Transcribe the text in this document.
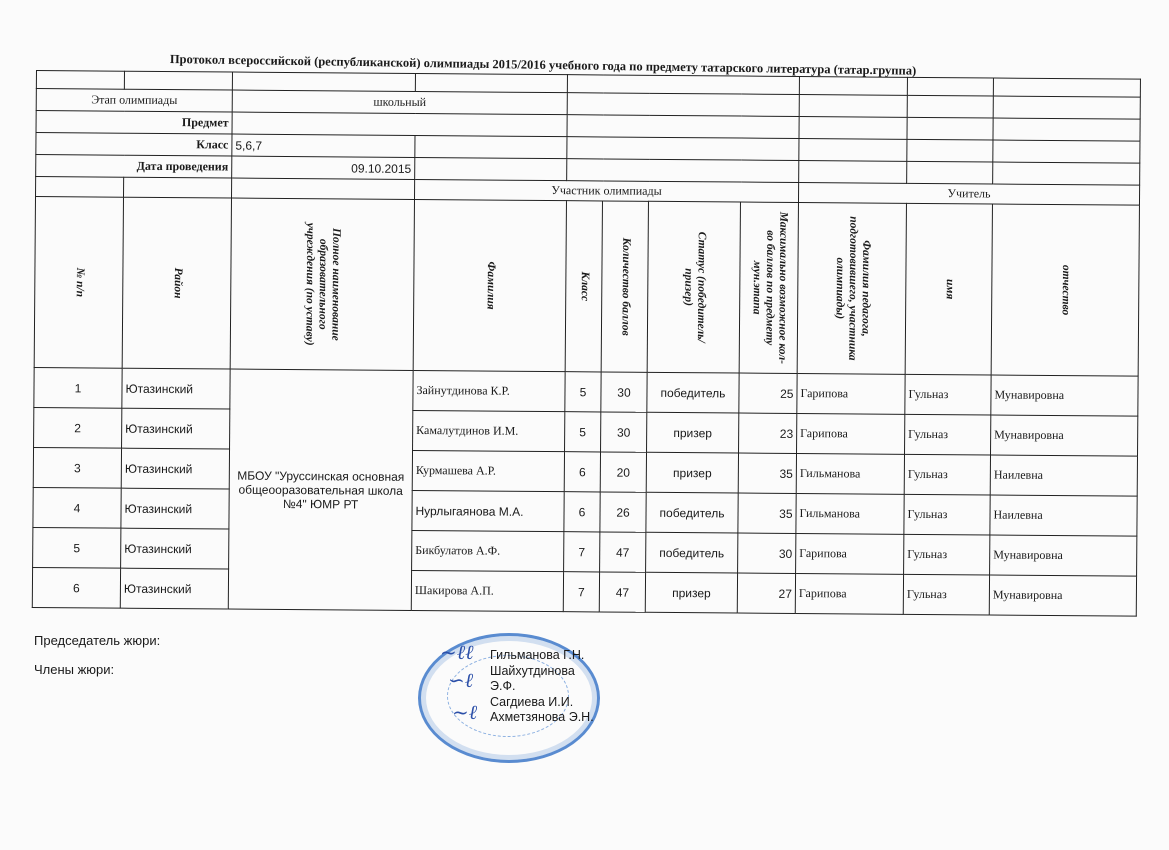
Протокол всероссийской (республиканской) олимпиады 2015/2016 учебного года по предмету татарского литература (татар.группа)

Этап олимпиады		школьный								
Предмет										
Класс		5,6,7								
Дата проведения		09.10.2015								
			Участник олимпиады					Учитель		

№ п/п	Район	Полное наименование образовательного учреждения (по уставу)	Фамилия	Класс	Количество баллов	Статус (победитель/призер)	Максимально возможное кол-во баллов по предмету мун.этапа	Фамилия педагога, подготовившего, участника олимпиады)	имя	отчество

1	Ютазинский	МБОУ "Уруссинская основная общеооразовательная школа №4" ЮМР РТ	Зайнутдинова К.Р.	5	30	победитель	25	Гарипова	Гульназ	Мунавировна
2	Ютазинский		Камалутдинов И.М.	5	30	призер	23	Гарипова	Гульназ	Мунавировна
3	Ютазинский		Курмашева А.Р.	6	20	призер	35	Гильманова	Гульназ	Наилевна
4	Ютазинский		Нурлыгаянова М.А.	6	26	победитель	35	Гильманова	Гульназ	Наилевна
5	Ютазинский		Бикбулатов А.Ф.	7	47	победитель	30	Гарипова	Гульназ	Мунавировна
6	Ютазинский		Шакирова А.П.	7	47	призер	27	Гарипова	Гульназ	Мунавировна
Председатель жюри:
Члены жюри:
~ℓℓ
∽ℓ
~ℓ
Гильманова Г.Н.
Шайхутдинова
Э.Ф.
Сагдиева И.И.
Ахметзянова Э.Н.
